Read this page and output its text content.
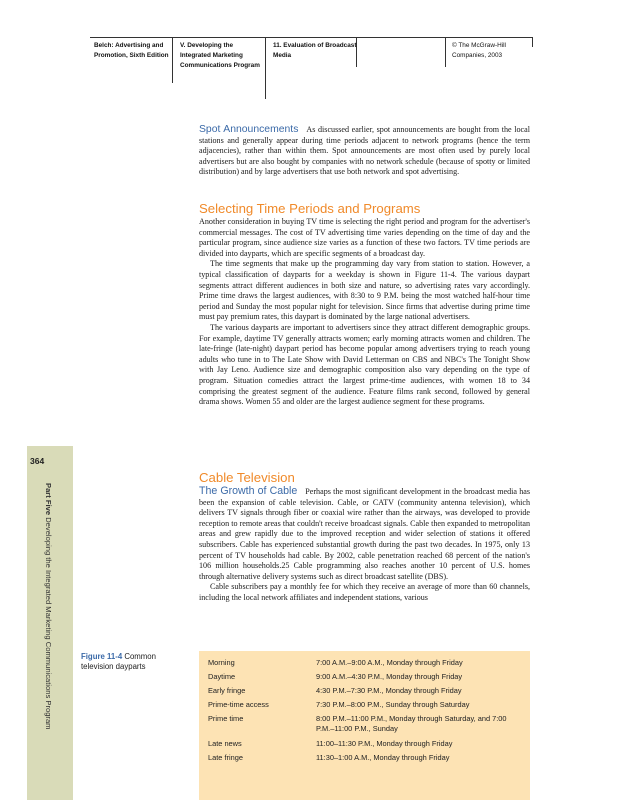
Belch: Advertising and
Promotion, Sixth Edition
V. Developing the
Integrated Marketing
Communications Program
11. Evaluation of Broadcast
Media
© The McGraw-Hill
Companies, 2003
364
Part Five Developing the Integrated Marketing Communications Program

Spot Announcements As discussed earlier, spot announcements are bought from the local stations and generally appear during time periods adjacent to network programs (hence the term adjacencies), rather than within them. Spot announcements are most often used by purely local advertisers but are also bought by companies with no network schedule (because of spotty or limited distribution) and by large advertisers that use both network and spot advertising.

Selecting Time Periods and Programs

Another consideration in buying TV time is selecting the right period and program for the advertiser's commercial messages. The cost of TV advertising time varies depending on the time of day and the particular program, since audience size varies as a function of these two factors. TV time periods are divided into dayparts, which are specific segments of a broadcast day.

The time segments that make up the programming day vary from station to station. However, a typical classification of dayparts for a weekday is shown in Figure 11-4. The various daypart segments attract different audiences in both size and nature, so advertising rates vary accordingly. Prime time draws the largest audiences, with 8:30 to 9 P.M. being the most watched half-hour time period and Sunday the most popular night for television. Since firms that advertise during prime time must pay premium rates, this daypart is dominated by the large national advertisers.

The various dayparts are important to advertisers since they attract different demographic groups. For example, daytime TV generally attracts women; early morning attracts women and children. The late-fringe (late-night) daypart period has become popular among advertisers trying to reach young adults who tune in to The Late Show with David Letterman on CBS and NBC's The Tonight Show with Jay Leno. Audience size and demographic composition also vary depending on the type of program. Situation comedies attract the largest prime-time audiences, with women 18 to 34 comprising the greatest segment of the audience. Feature films rank second, followed by general drama shows. Women 55 and older are the largest audience segment for these programs.

Cable Television

The Growth of Cable Perhaps the most significant development in the broadcast media has been the expansion of cable television. Cable, or CATV (community antenna television), which delivers TV signals through fiber or coaxial wire rather than the airways, was developed to provide reception to remote areas that couldn't receive broadcast signals. Cable then expanded to metropolitan areas and grew rapidly due to the improved reception and wider selection of stations it offered subscribers. Cable has experienced substantial growth during the past two decades. In 1975, only 13 percent of TV households had cable. By 2002, cable penetration reached 68 percent of the nation's 106 million households.25 Cable programming also reaches another 10 percent of U.S. homes through alternative delivery systems such as direct broadcast satellite (DBS).

Cable subscribers pay a monthly fee for which they receive an average of more than 60 channels, including the local network affiliates and independent stations, various

Figure 11-4 Common television dayparts	Morning	7:00 A.M.–9:00 A.M., Monday through Friday
Daytime	9:00 A.M.–4:30 P.M., Monday through Friday
Early fringe	4:30 P.M.–7:30 P.M., Monday through Friday
Prime-time access	7:30 P.M.–8:00 P.M., Sunday through Saturday
Prime time	8:00 P.M.–11:00 P.M., Monday through Saturday, and 7:00 P.M.–11:00 P.M., Sunday
Late news	11:00–11:30 P.M., Monday through Friday
Late fringe	11:30–1:00 A.M., Monday through Friday
